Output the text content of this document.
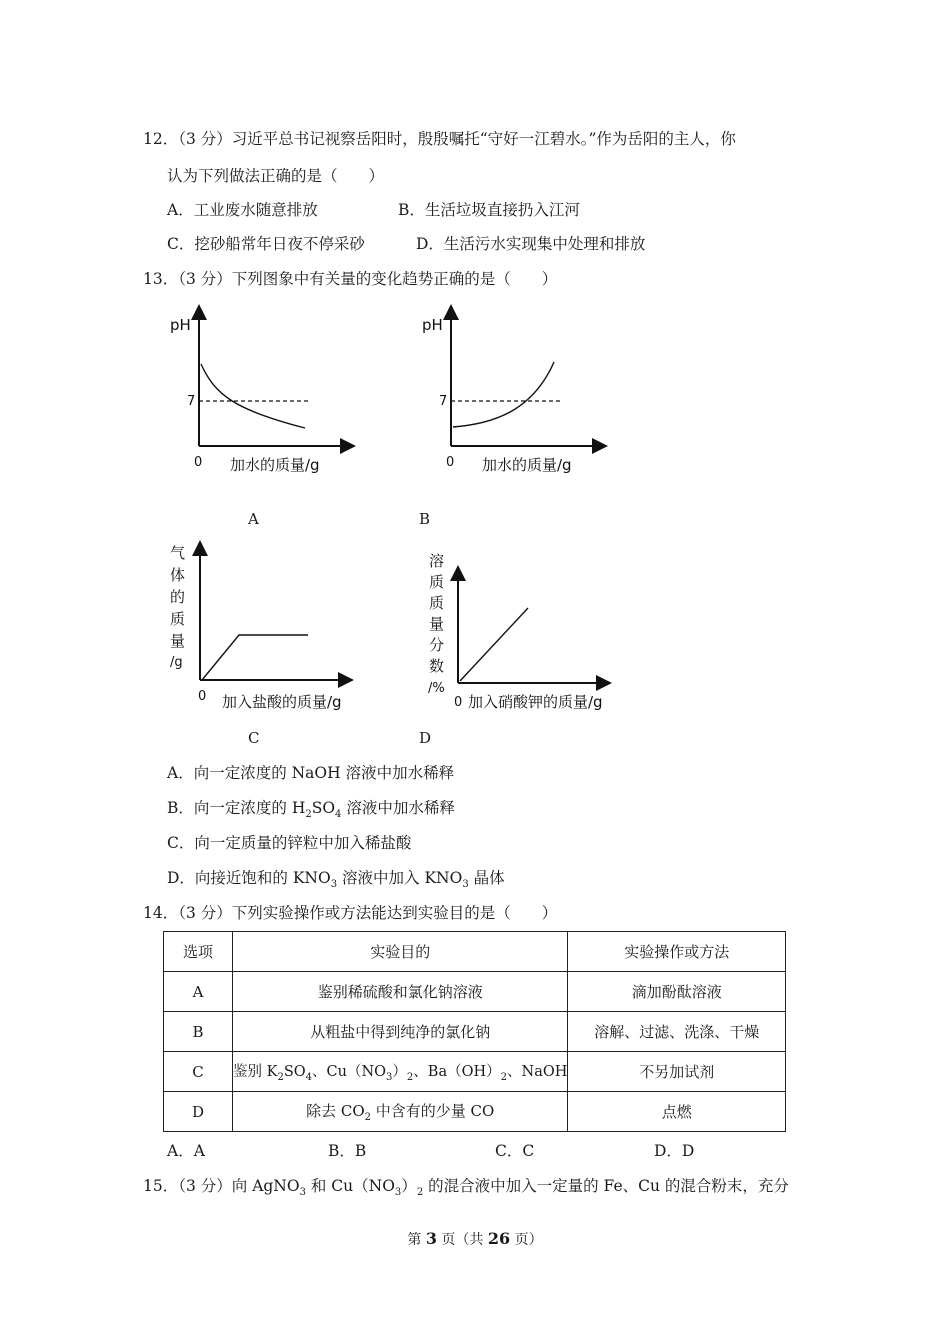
12．（3 分）习近平总书记视察岳阳时，殷殷嘱托“守好一江碧水。”作为岳阳的主人，你
认为下列做法正确的是（　　）
A．工业废水随意排放	B．生活垃圾直接扔入江河
C．挖砂船常年日夜不停采砂	D．生活污水实现集中处理和排放
13．（3 分）下列图象中有关量的变化趋势正确的是（　　）
pH
7
0 加水的质量/g
pH
7
0 加水的质量/g
A	B
气
体
的
质
量
/g
0 加入盐酸的质量/g
溶
质
质
量
分
数
/%
0 加入硝酸钾的质量/g
C	D
A．向一定浓度的 NaOH 溶液中加水稀释
B．向一定浓度的 $H_2SO_4$ 溶液中加水稀释
C．向一定质量的锌粒中加入稀盐酸
D．向接近饱和的 $KNO_3$ 溶液中加入 $KNO_3$ 晶体
14．（3 分）下列实验操作或方法能达到实验目的是（　　）
选项	实验目的	实验操作或方法
A	鉴别稀硫酸和氯化钠溶液	滴加酚酞溶液
B	从粗盐中得到纯净的氯化钠	溶解、过滤、洗涤、干燥
C	鉴别 $K_2SO_4$、$Cu(NO_3)_2$、$Ba(OH)_2$、NaOH	不另加试剂
D	除去 $CO_2$ 中含有的少量 CO	点燃
A．A	B．B	C．C	D．D
15．（3 分）向 AgNO$_3$ 和 $Cu(NO_3)_2$ 的混合液中加入一定量的 Fe、Cu 的混合粉末，充分
第 3 页（共 26 页）
